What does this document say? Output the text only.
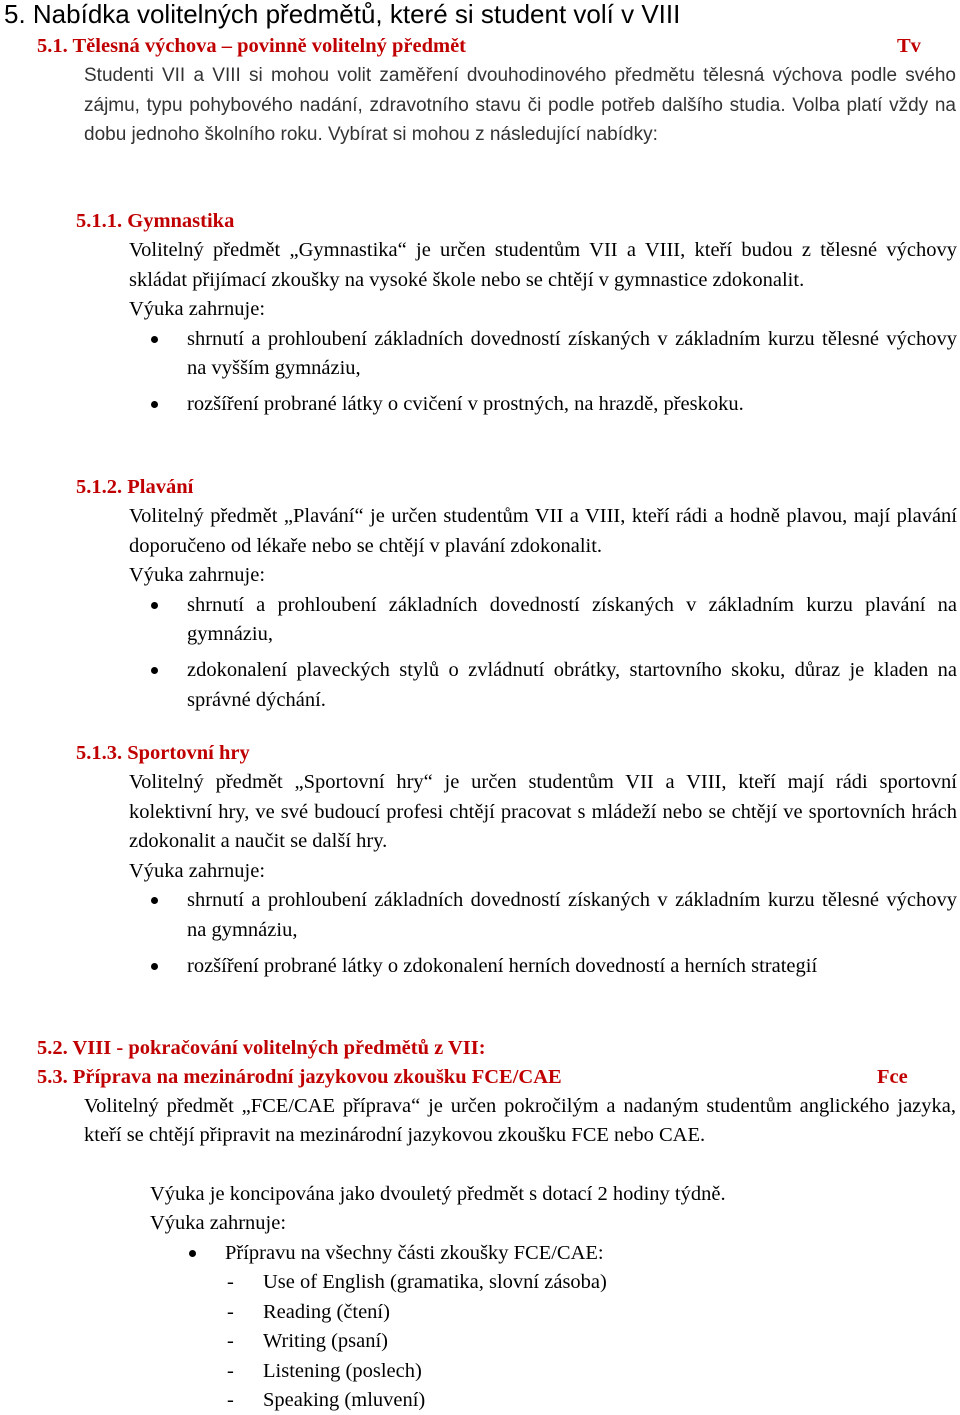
5. Nabídka volitelných předmětů, které si student volí v VIII
5.1. Tělesná výchova – povinně volitelný předmět	Tv
Studenti VII a VIII si mohou volit zaměření dvouhodinového předmětu tělesná výchova podle svého zájmu, typu pohybového nadání, zdravotního stavu či podle potřeb dalšího studia. Volba platí vždy na dobu jednoho školního roku. Vybírat si mohou z následující nabídky:
5.1.1. Gymnastika
Volitelný předmět „Gymnastika“ je určen studentům VII a VIII, kteří budou z tělesné výchovy skládat přijímací zkoušky na vysoké škole nebo se chtějí v gymnastice zdokonalit.
Výuka zahrnuje:
shrnutí a prohloubení základních dovedností získaných v základním kurzu tělesné výchovy na vyšším gymnáziu,
rozšíření probrané látky o cvičení v prostných, na hrazdě, přeskoku.
5.1.2. Plavání
Volitelný předmět „Plavání“ je určen studentům VII a VIII, kteří rádi a hodně plavou, mají plavání doporučeno od lékaře nebo se chtějí v plavání zdokonalit.
Výuka zahrnuje:
shrnutí a prohloubení základních dovedností získaných v základním kurzu plavání na gymnáziu,
zdokonalení plaveckých stylů o zvládnutí obrátky, startovního skoku, důraz je kladen na správné dýchání.
5.1.3. Sportovní hry
Volitelný předmět „Sportovní hry“ je určen studentům VII a VIII, kteří mají rádi sportovní kolektivní hry, ve své budoucí profesi chtějí pracovat s mládeží nebo se chtějí ve sportovních hrách zdokonalit a naučit se další hry.
Výuka zahrnuje:
shrnutí a prohloubení základních dovedností získaných v základním kurzu tělesné výchovy na gymnáziu,
rozšíření probrané látky o zdokonalení herních dovedností a herních strategií
5.2. VIII - pokračování volitelných předmětů z VII:
5.3. Příprava na mezinárodní jazykovou zkoušku FCE/CAE	Fce
Volitelný předmět „FCE/CAE příprava“ je určen pokročilým a nadaným studentům anglického jazyka, kteří se chtějí připravit na mezinárodní jazykovou zkoušku FCE nebo CAE.
Výuka je koncipována jako dvouletý předmět s dotací 2 hodiny týdně.
Výuka zahrnuje:
Přípravu na všechny části zkoušky FCE/CAE:
- Use of English (gramatika, slovní zásoba)
- Reading (čtení)
- Writing (psaní)
- Listening (poslech)
- Speaking (mluvení)
